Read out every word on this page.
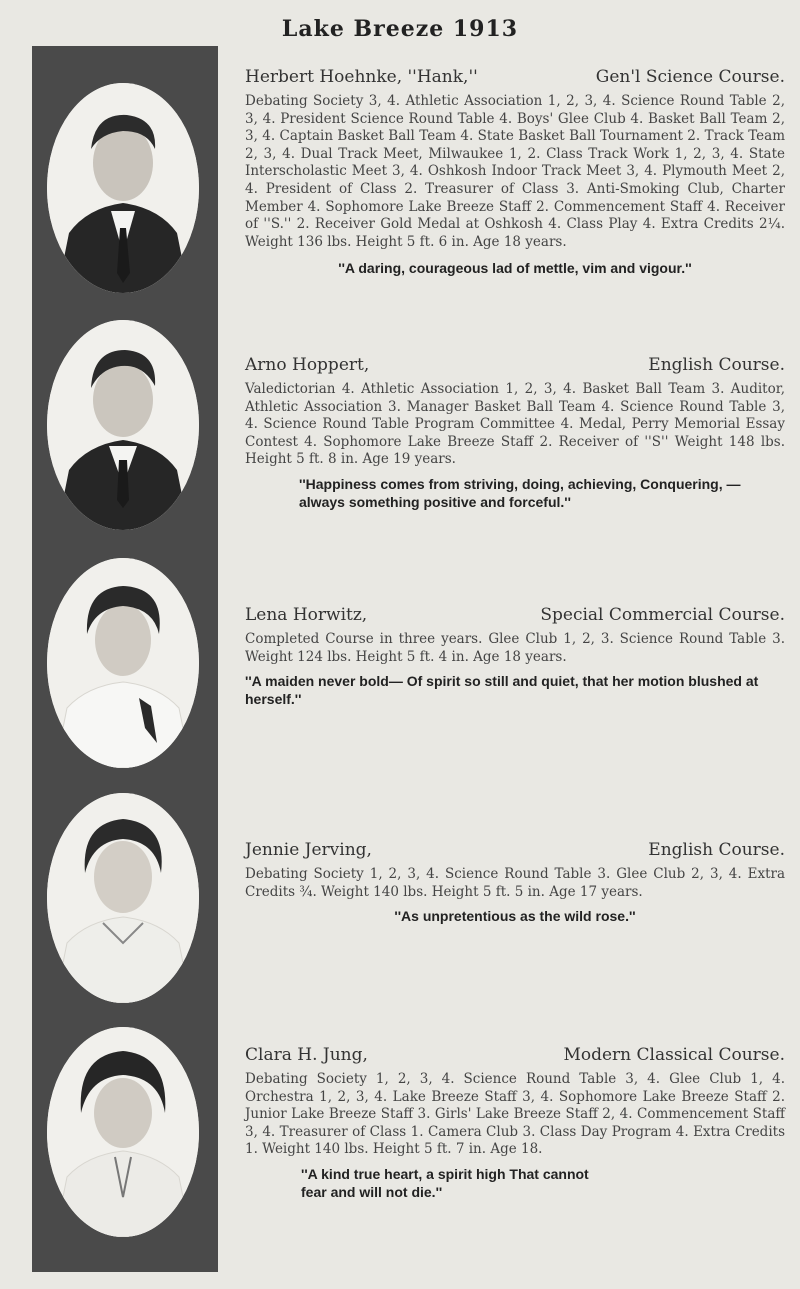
Lake Breeze 1913
Herbert Hoehnke, ''Hank,''	Gen'l Science Course.
Debating Society 3, 4. Athletic Association 1, 2, 3, 4. Science Round Table 2, 3, 4. President Science Round Table 4. Boys' Glee Club 4. Basket Ball Team 2, 3, 4. Captain Basket Ball Team 4. State Basket Ball Tournament 2. Track Team 2, 3, 4. Dual Track Meet, Milwaukee 1, 2. Class Track Work 1, 2, 3, 4. State Interscholastic Meet 3, 4. Oshkosh Indoor Track Meet 3, 4. Plymouth Meet 2, 4. President of Class 2. Treasurer of Class 3. Anti-Smoking Club, Charter Member 4. Sophomore Lake Breeze Staff 2. Commencement Staff 4. Receiver of ''S.'' 2. Receiver Gold Medal at Oshkosh 4. Class Play 4. Extra Credits 2¼. Weight 136 lbs. Height 5 ft. 6 in. Age 18 years.
''A daring, courageous lad of mettle, vim and vigour.''
Arno Hoppert,	English Course.
Valedictorian 4. Athletic Association 1, 2, 3, 4. Basket Ball Team 3. Auditor, Athletic Association 3. Manager Basket Ball Team 4. Science Round Table 3, 4. Science Round Table Program Committee 4. Medal, Perry Memorial Essay Contest 4. Sophomore Lake Breeze Staff 2. Receiver of ''S'' Weight 148 lbs. Height 5 ft. 8 in. Age 19 years.
''Happiness comes from striving, doing, achieving, Conquering, — always something positive and forceful.''
Lena Horwitz,	Special Commercial Course.
Completed Course in three years. Glee Club 1, 2, 3. Science Round Table 3. Weight 124 lbs. Height 5 ft. 4 in. Age 18 years.
''A maiden never bold— Of spirit so still and quiet, that her motion blushed at herself.''
Jennie Jerving,	English Course.
Debating Society 1, 2, 3, 4. Science Round Table 3. Glee Club 2, 3, 4. Extra Credits ¾. Weight 140 lbs. Height 5 ft. 5 in. Age 17 years.
''As unpretentious as the wild rose.''
Clara H. Jung,	Modern Classical Course.
Debating Society 1, 2, 3, 4. Science Round Table 3, 4. Glee Club 1, 4. Orchestra 1, 2, 3, 4. Lake Breeze Staff 3, 4. Sophomore Lake Breeze Staff 2. Junior Lake Breeze Staff 3. Girls' Lake Breeze Staff 2, 4. Commencement Staff 3, 4. Treasurer of Class 1. Camera Club 3. Class Day Program 4. Extra Credits 1. Weight 140 lbs. Height 5 ft. 7 in. Age 18.
''A kind true heart, a spirit high That cannot fear and will not die.''
